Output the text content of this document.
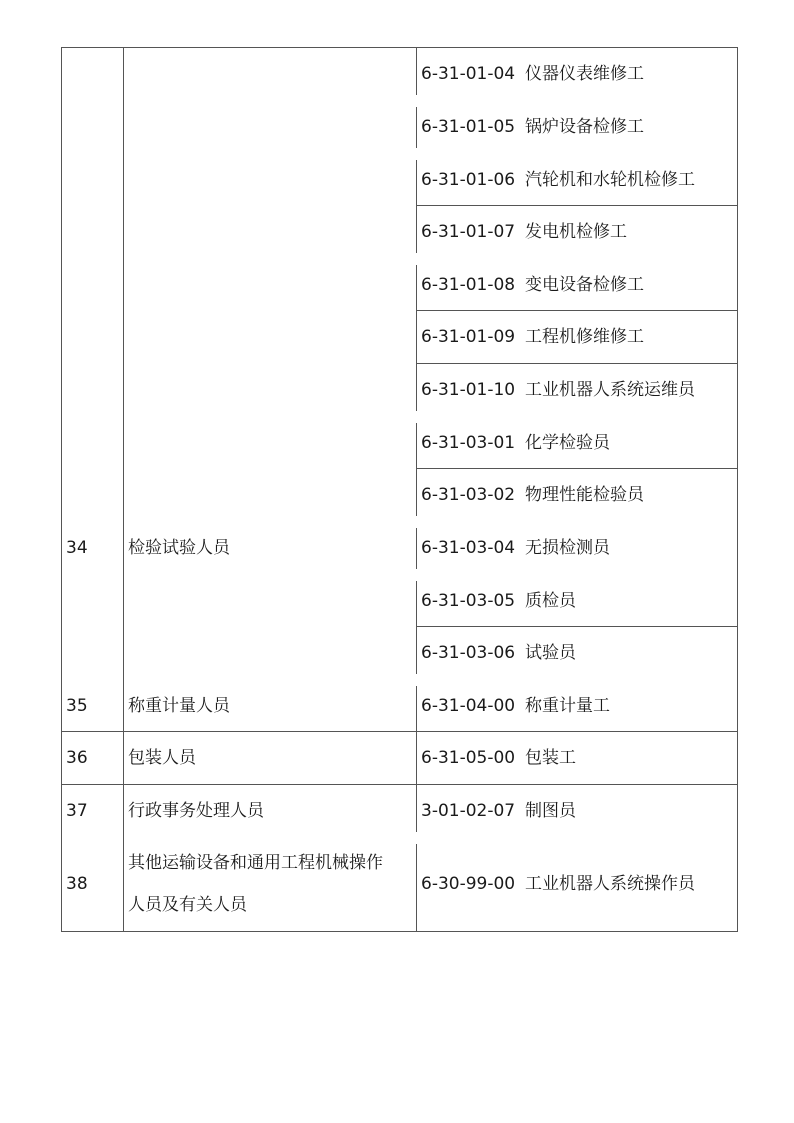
34
35
36
37
38
检验试验人员
称重计量人员
包装人员
行政事务处理人员
其他运输设备和通用工程机械操作
人员及有关人员
6-31-01-04 仪器仪表维修工
6-31-01-05 锅炉设备检修工
6-31-01-06 汽轮机和水轮机检修工
6-31-01-07 发电机检修工
6-31-01-08 变电设备检修工
6-31-01-09 工程机修维修工
6-31-01-10 工业机器人系统运维员
6-31-03-01 化学检验员
6-31-03-02 物理性能检验员
6-31-03-04 无损检测员
6-31-03-05 质检员
6-31-03-06 试验员
6-31-04-00 称重计量工
6-31-05-00 包装工
3-01-02-07 制图员
6-30-99-00 工业机器人系统操作员
